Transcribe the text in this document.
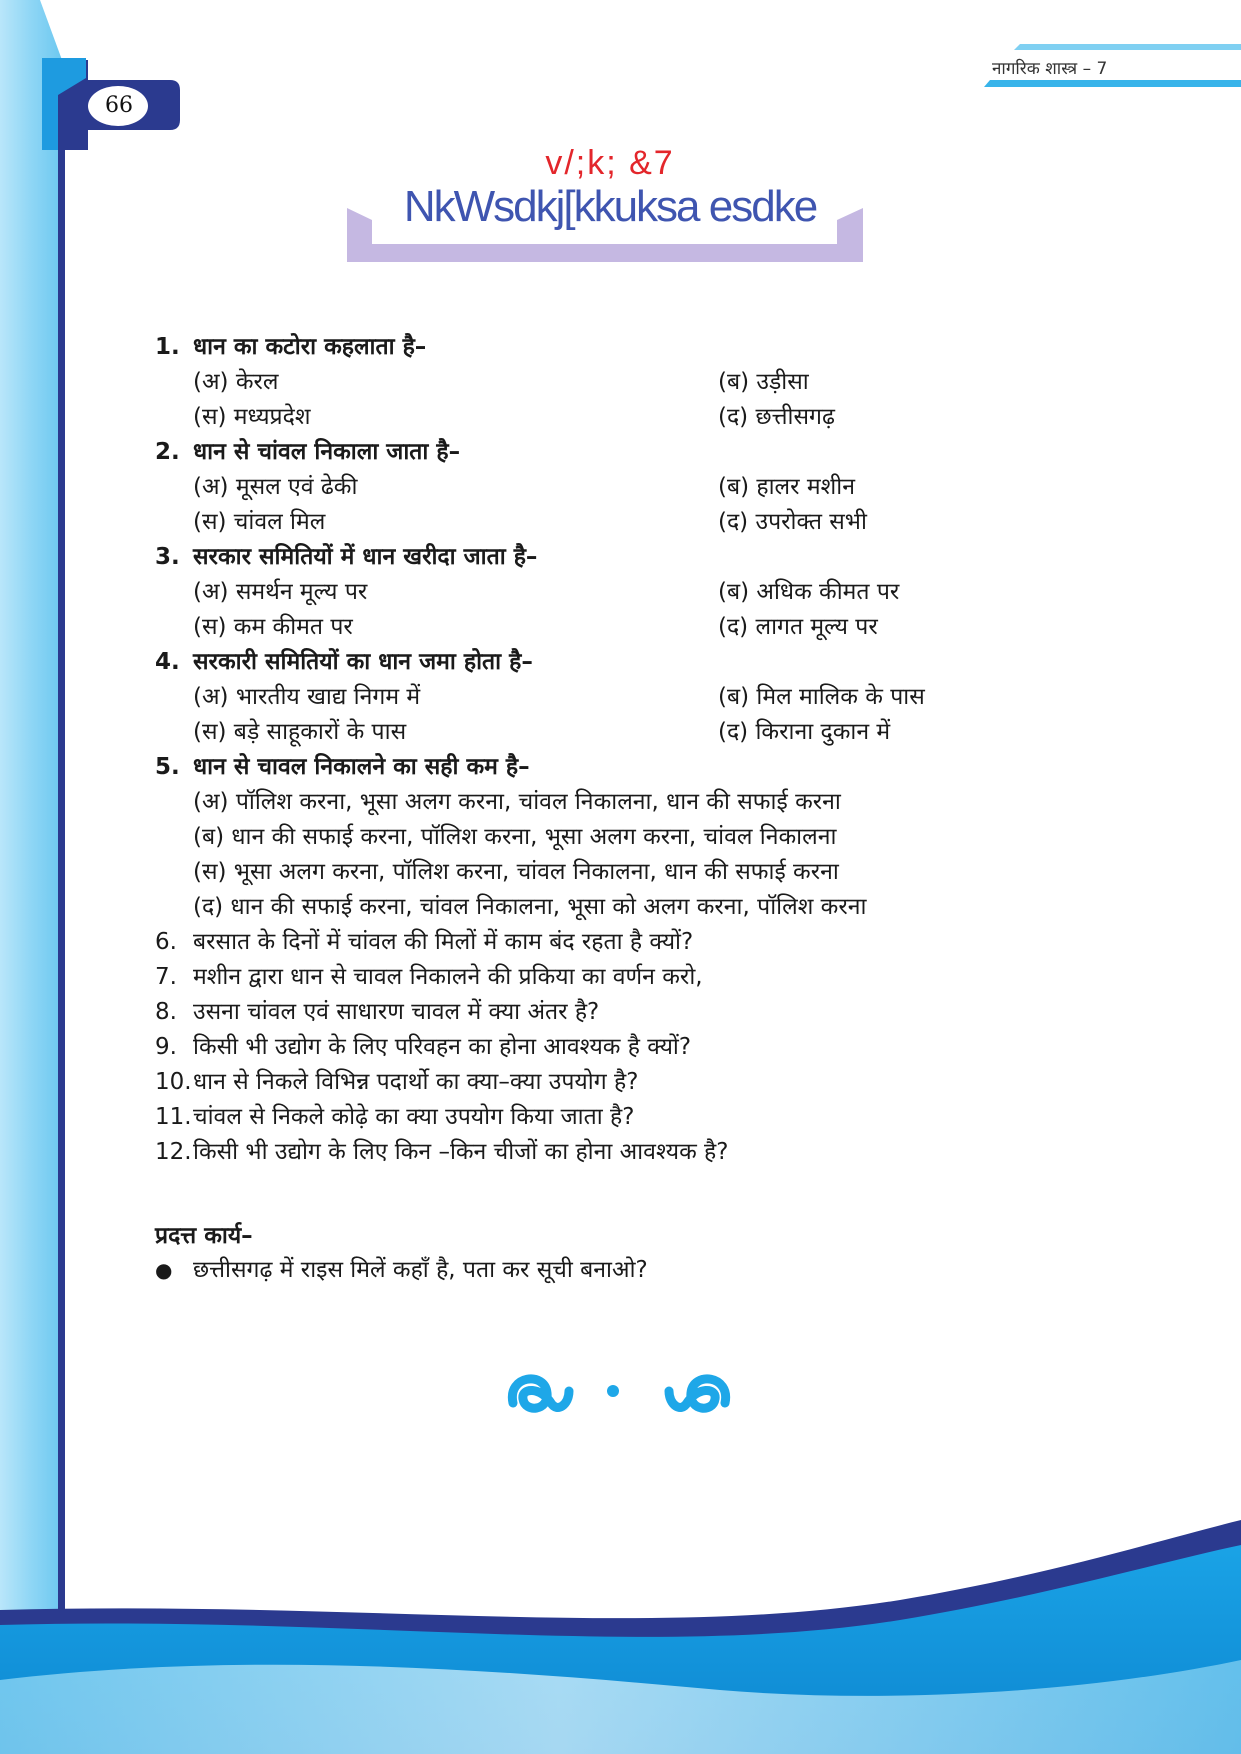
66
नागरिक शास्त्र – 7
v/;k; &7
NkWsdkj[kkuksa esdke
1. धान का कटोरा कहलाता है–
(अ) केरल	(ब) उड़ीसा
(स) मध्यप्रदेश	(द) छत्तीसगढ़
2. धान से चांवल निकाला जाता है–
(अ) मूसल एवं ढेकी	(ब) हालर मशीन
(स) चांवल मिल	(द) उपरोक्त सभी
3. सरकार समितियों में धान खरीदा जाता है–
(अ) समर्थन मूल्य पर	(ब) अधिक कीमत पर
(स) कम कीमत पर	(द) लागत मूल्य पर
4. सरकारी समितियों का धान जमा होता है–
(अ) भारतीय खाद्य निगम में	(ब) मिल मालिक के पास
(स) बड़े साहूकारों के पास	(द) किराना दुकान में
5. धान से चावल निकालने का सही कम है–
(अ) पॉलिश करना, भूसा अलग करना, चांवल निकालना, धान की सफाई करना
(ब) धान की सफाई करना, पॉलिश करना, भूसा अलग करना, चांवल निकालना
(स) भूसा अलग करना, पॉलिश करना, चांवल निकालना, धान की सफाई करना
(द) धान की सफाई करना, चांवल निकालना, भूसा को अलग करना, पॉलिश करना
6. बरसात के दिनों में चांवल की मिलों में काम बंद रहता है क्यों?
7. मशीन द्वारा धान से चावल निकालने की प्रकिया का वर्णन करो,
8. उसना चांवल एवं साधारण चावल में क्या अंतर है?
9. किसी भी उद्योग के लिए परिवहन का होना आवश्यक है क्यों?
10. धान से निकले विभिन्न पदार्थो का क्या–क्या उपयोग है?
11. चांवल से निकले कोढ़े का क्या उपयोग किया जाता है?
12. किसी भी उद्योग के लिए किन –किन चीजों का होना आवश्यक है?
प्रदत्त कार्य–
● छत्तीसगढ़ में राइस मिलें कहाँ है, पता कर सूची बनाओ?
